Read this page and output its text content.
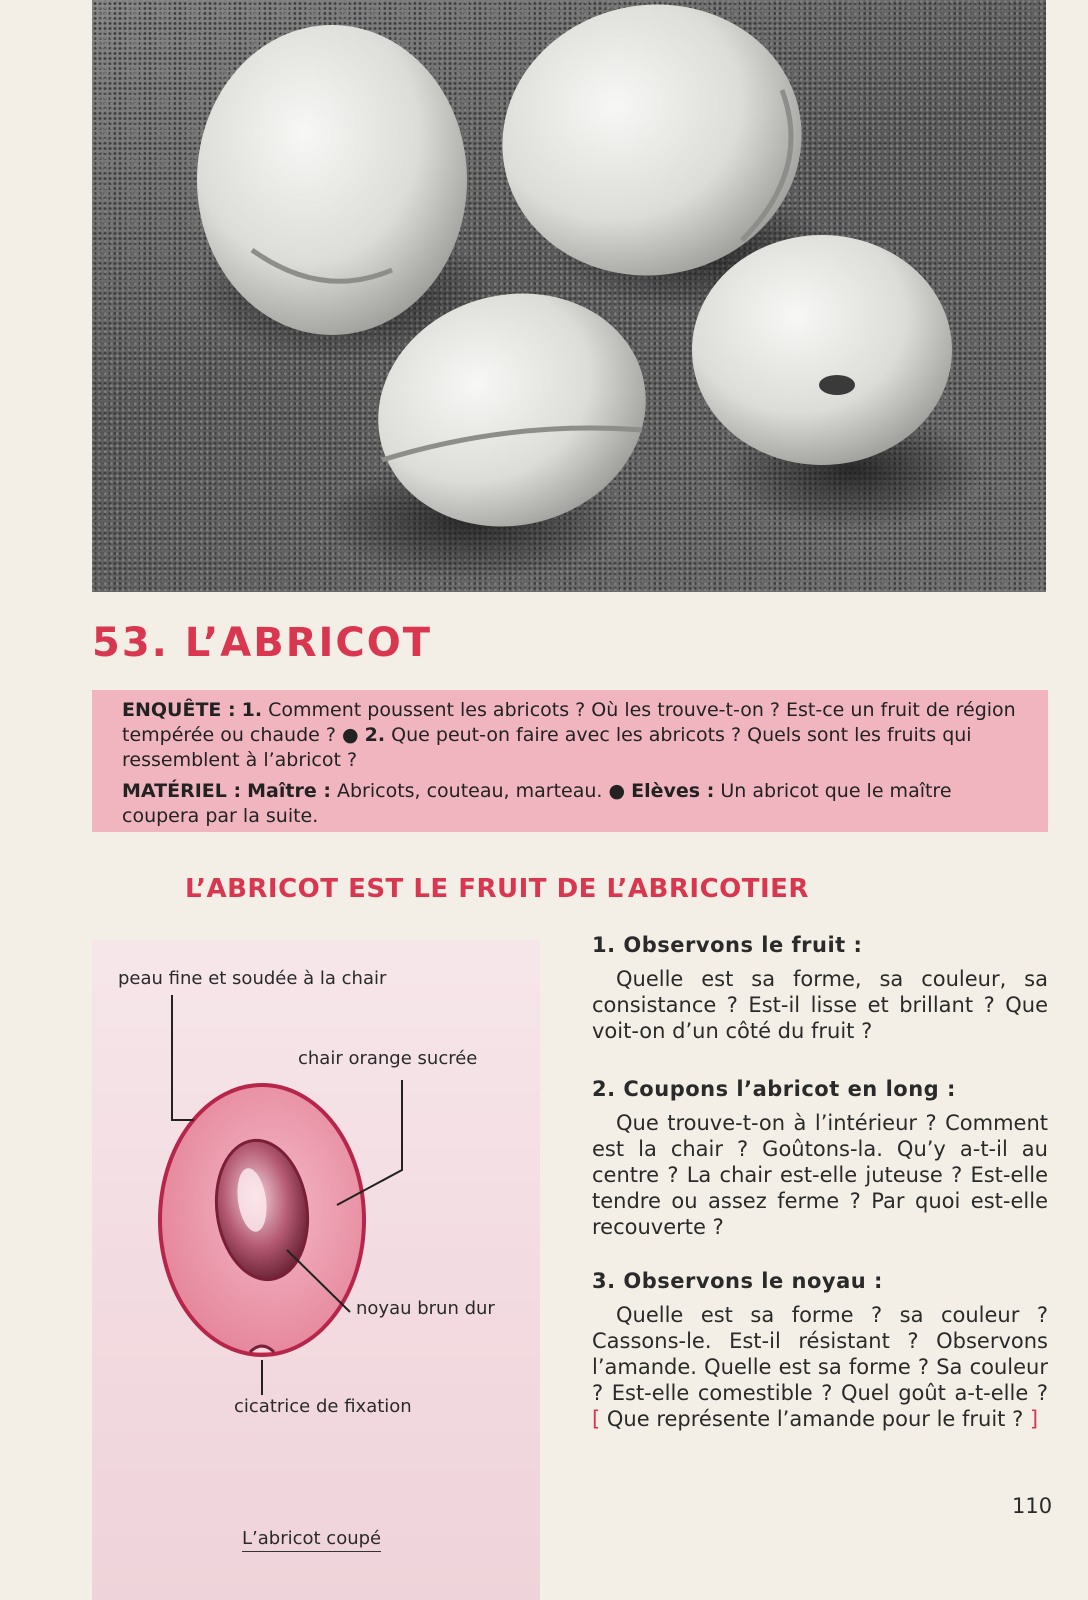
53. L’ABRICOT

ENQUÊTE : 1. Comment poussent les abricots ? Où les trouve-t-on ? Est-ce un fruit de région tempérée ou chaude ? ● 2. Que peut-on faire avec les abricots ? Quels sont les fruits qui ressemblent à l’abricot ?

MATÉRIEL : Maître : Abricots, couteau, marteau. ● Elèves : Un abricot que le maître coupera par la suite.

L’ABRICOT EST LE FRUIT DE L’ABRICOTIER
peau fine et soudée à la chair
chair orange sucrée
noyau brun dur
cicatrice de fixation
L’abricot coupé

1. Observons le fruit :

Quelle est sa forme, sa couleur, sa consistance ? Est-il lisse et brillant ? Que voit-on d’un côté du fruit ?

2. Coupons l’abricot en long :

Que trouve-t-on à l’intérieur ? Comment est la chair ? Goûtons-la. Qu’y a-t-il au centre ? La chair est-elle juteuse ? Est-elle tendre ou assez ferme ? Par quoi est-elle recouverte ?

3. Observons le noyau :

Quelle est sa forme ? sa couleur ? Cassons-le. Est-il résistant ? Observons l’amande. Quelle est sa forme ? Sa couleur ? Est-elle comestible ? Quel goût a-t-elle ? [ Que représente l’amande pour le fruit ? ]

110
